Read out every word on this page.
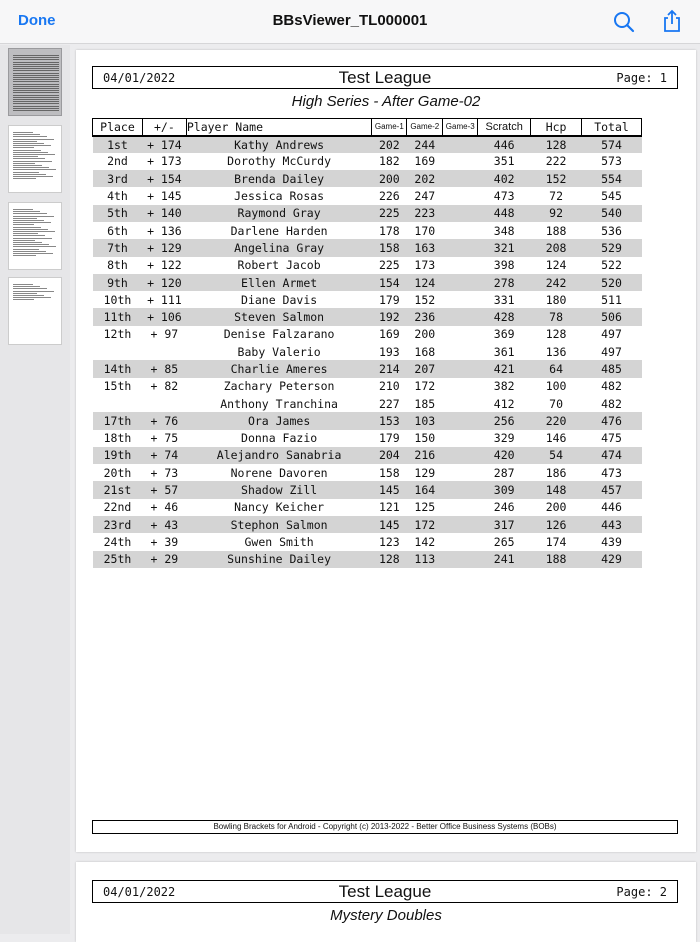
Done	BBsViewer_TL000001
04/01/2022	Test League	Page: 1
High Series - After Game-02
Place	+/-	Player Name	Game-1	Game-2	Game-3	Scratch	Hcp	Total
1st	+ 174	Kathy Andrews	202	244		446	128	574
2nd	+ 173	Dorothy McCurdy	182	169		351	222	573
3rd	+ 154	Brenda Dailey	200	202		402	152	554
4th	+ 145	Jessica Rosas	226	247		473	72	545
5th	+ 140	Raymond Gray	225	223		448	92	540
6th	+ 136	Darlene Harden	178	170		348	188	536
7th	+ 129	Angelina Gray	158	163		321	208	529
8th	+ 122	Robert Jacob	225	173		398	124	522
9th	+ 120	Ellen Armet	154	124		278	242	520
10th	+ 111	Diane Davis	179	152		331	180	511
11th	+ 106	Steven Salmon	192	236		428	78	506
12th	+ 97	Denise Falzarano	169	200		369	128	497
		Baby Valerio	193	168		361	136	497
14th	+ 85	Charlie Ameres	214	207		421	64	485
15th	+ 82	Zachary Peterson	210	172		382	100	482
		Anthony Tranchina	227	185		412	70	482
17th	+ 76	Ora James	153	103		256	220	476
18th	+ 75	Donna Fazio	179	150		329	146	475
19th	+ 74	Alejandro Sanabria	204	216		420	54	474
20th	+ 73	Norene Davoren	158	129		287	186	473
21st	+ 57	Shadow Zill	145	164		309	148	457
22nd	+ 46	Nancy Keicher	121	125		246	200	446
23rd	+ 43	Stephon Salmon	145	172		317	126	443
24th	+ 39	Gwen Smith	123	142		265	174	439
25th	+ 29	Sunshine Dailey	128	113		241	188	429
Bowling Brackets for Android - Copyright (c) 2013-2022 - Better Office Business Systems (BOBs)
04/01/2022	Test League	Page: 2
Mystery Doubles
